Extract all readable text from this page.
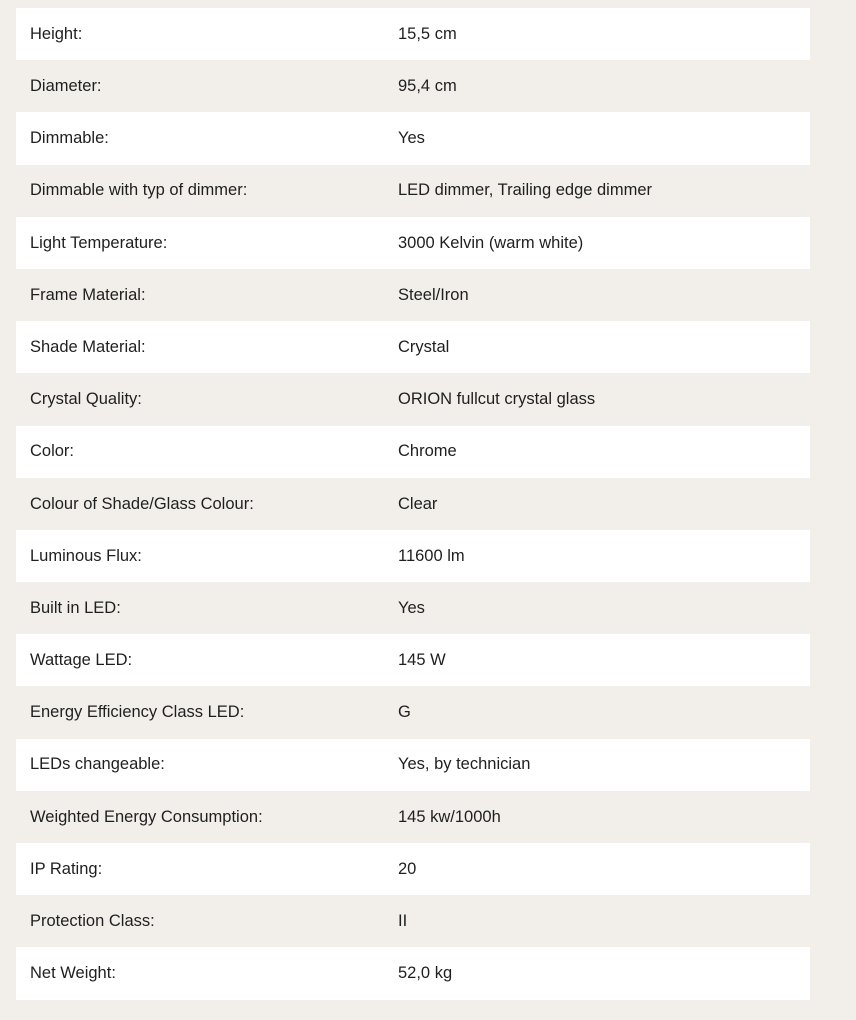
Height:	15,5 cm
Diameter:	95,4 cm
Dimmable:	Yes
Dimmable with typ of dimmer:	LED dimmer, Trailing edge dimmer
Light Temperature:	3000 Kelvin (warm white)
Frame Material:	Steel/Iron
Shade Material:	Crystal
Crystal Quality:	ORION fullcut crystal glass
Color:	Chrome
Colour of Shade/Glass Colour:	Clear
Luminous Flux:	11600 lm
Built in LED:	Yes
Wattage LED:	145 W
Energy Efficiency Class LED:	G
LEDs changeable:	Yes, by technician
Weighted Energy Consumption:	145 kw/1000h
IP Rating:	20
Protection Class:	II
Net Weight:	52,0 kg
